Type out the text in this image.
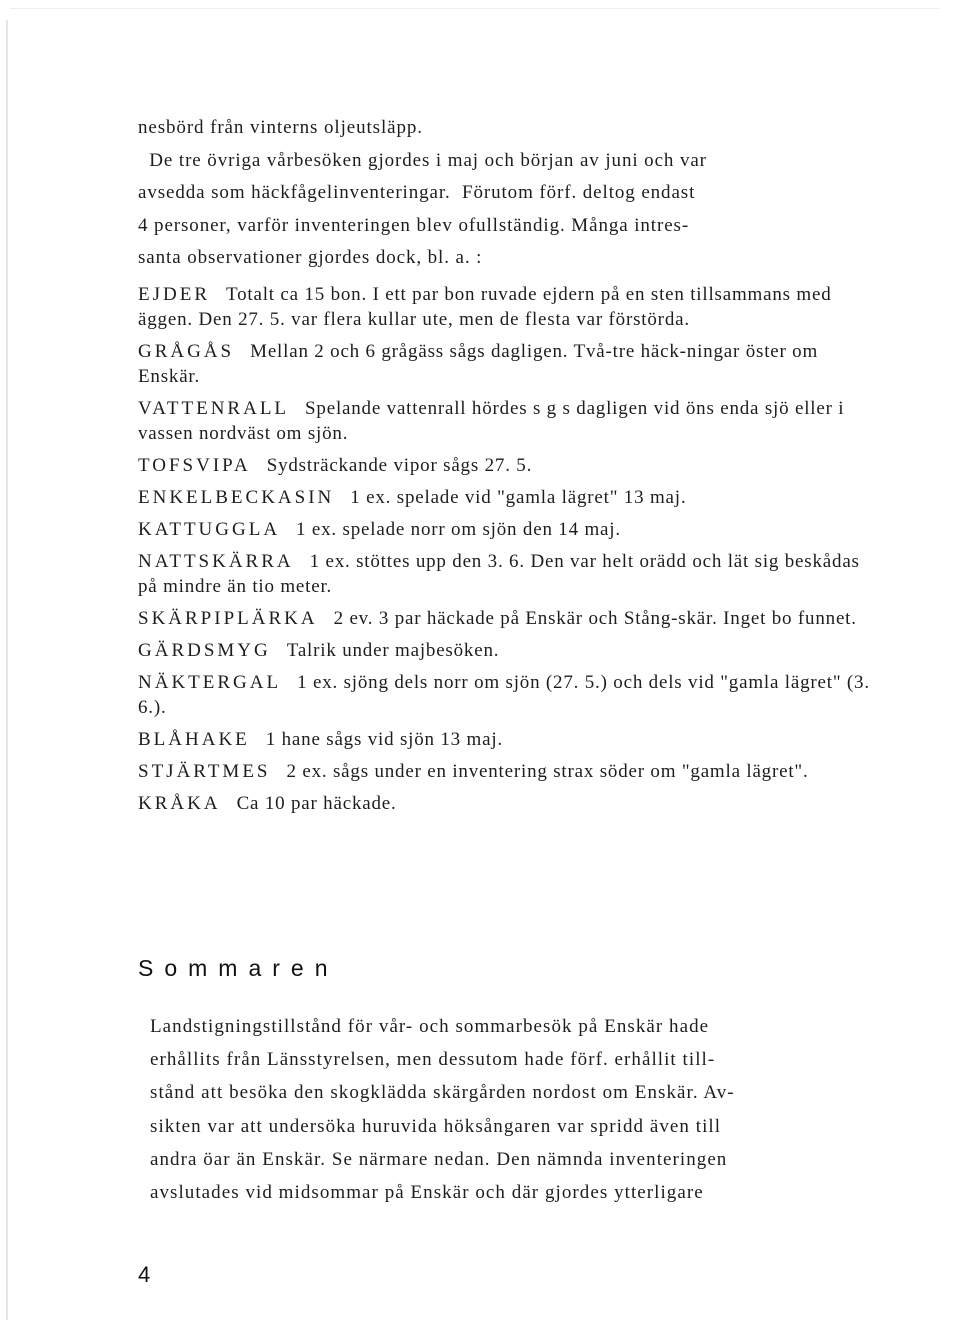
nesbörd från vinterns oljeutsläpp.
De tre övriga vårbesöken gjordes i maj och början av juni och var
avsedda som häckfågelinventeringar.  Förutom förf. deltog endast
4 personer, varför inventeringen blev ofullständig. Många intres-
santa observationer gjordes dock, bl. a. :
EJDER Totalt ca 15 bon. I ett par bon ruvade ejdern på en sten tillsammans med äggen. Den 27. 5. var flera kullar ute, men de flesta var förstörda.
GRÅGÅS Mellan 2 och 6 grågäss sågs dagligen. Två-tre häck-ningar öster om Enskär.
VATTENRALL Spelande vattenrall hördes s g s dagligen vid öns enda sjö eller i vassen nordväst om sjön.
TOFSVIPA Sydsträckande vipor sågs 27. 5.
ENKELBECKASIN 1 ex. spelade vid "gamla lägret" 13 maj.
KATTUGGLA 1 ex. spelade norr om sjön den 14 maj.
NATTSKÄRRA 1 ex. stöttes upp den 3. 6. Den var helt orädd och lät sig beskådas på mindre än tio meter.
SKÄRPIPLÄRKA 2 ev. 3 par häckade på Enskär och Stång-skär. Inget bo funnet.
GÄRDSMYG Talrik under majbesöken.
NÄKTERGAL 1 ex. sjöng dels norr om sjön (27. 5.) och dels vid "gamla lägret" (3. 6.).
BLÅHAKE 1 hane sågs vid sjön 13 maj.
STJÄRTMES 2 ex. sågs under en inventering strax söder om "gamla lägret".
KRÅKA Ca 10 par häckade.
Sommaren
Landstigningstillstånd för vår- och sommarbesök på Enskär hade
erhållits från Länsstyrelsen, men dessutom hade förf. erhållit till-
stånd att besöka den skogklädda skärgården nordost om Enskär. Av-
sikten var att undersöka huruvida höksångaren var spridd även till
andra öar än Enskär. Se närmare nedan. Den nämnda inventeringen
avslutades vid midsommar på Enskär och där gjordes ytterligare
4
